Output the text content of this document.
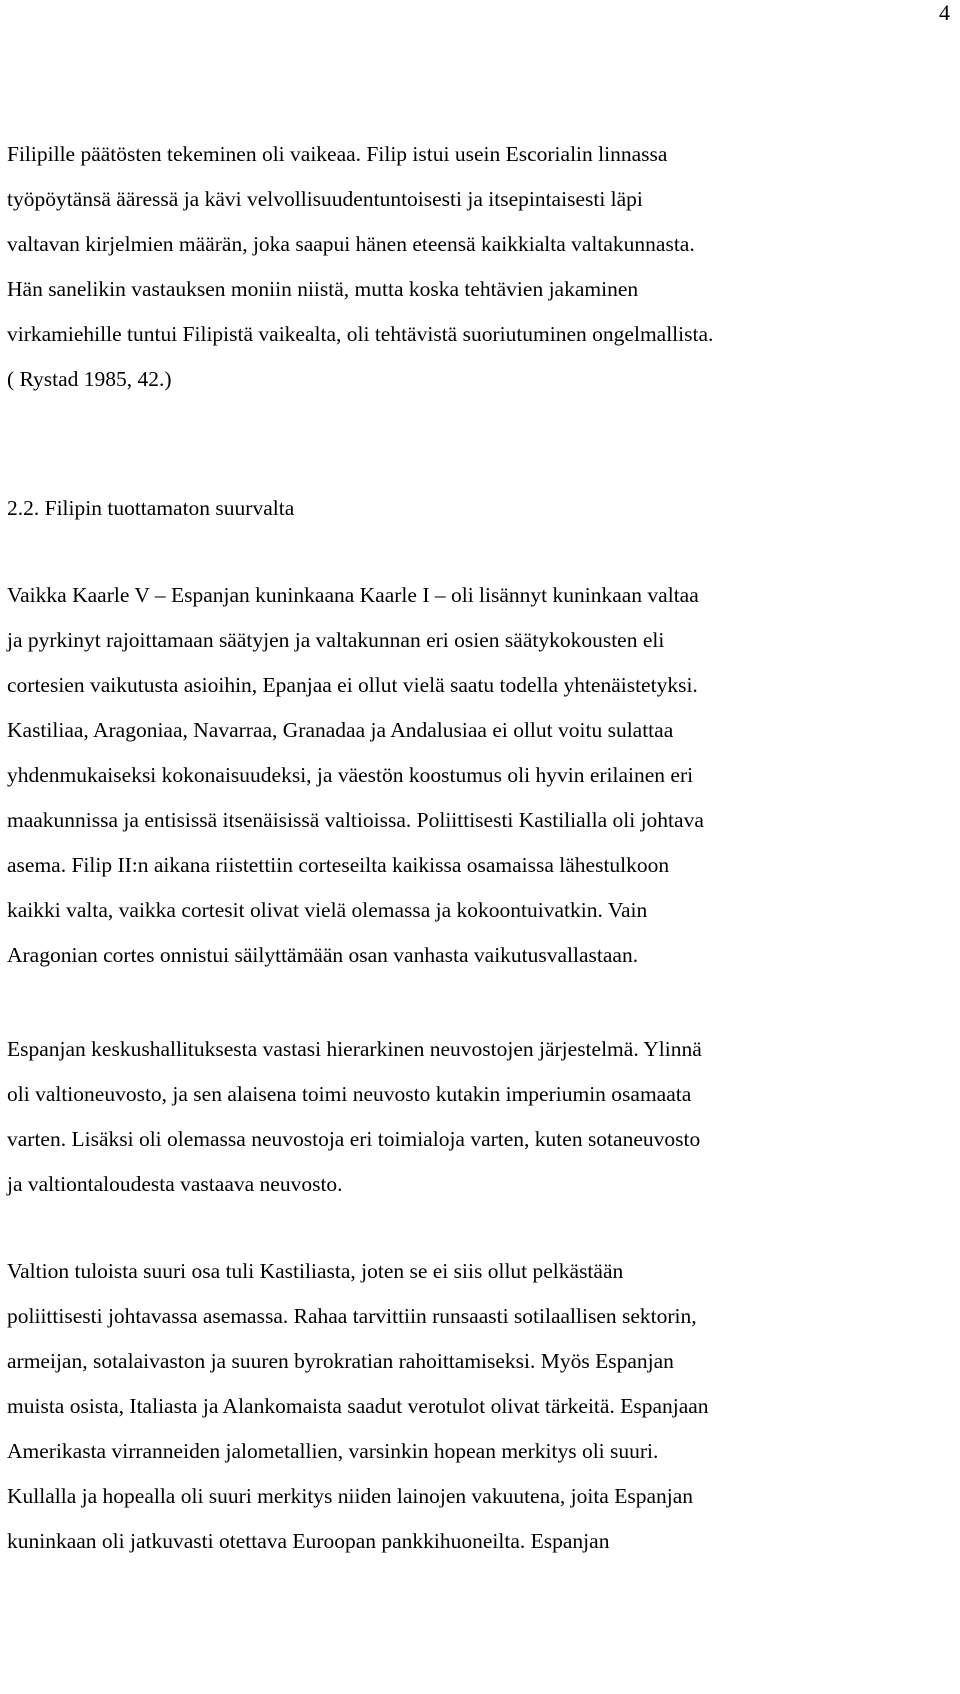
4

Filipille päätösten tekeminen oli vaikeaa. Filip istui usein Escorialin linnassa
työpöytänsä ääressä ja kävi velvollisuudentuntoisesti ja itsepintaisesti läpi
valtavan kirjelmien määrän, joka saapui hänen eteensä kaikkialta valtakunnasta.
Hän sanelikin vastauksen moniin niistä, mutta koska tehtävien jakaminen
virkamiehille tuntui Filipistä vaikealta, oli tehtävistä suoriutuminen ongelmallista.
( Rystad 1985, 42.)

2.2. Filipin tuottamaton suurvalta

Vaikka Kaarle V – Espanjan kuninkaana Kaarle I – oli lisännyt kuninkaan valtaa
ja pyrkinyt rajoittamaan säätyjen ja valtakunnan eri osien säätykokousten eli
cortesien vaikutusta asioihin, Epanjaa ei ollut vielä saatu todella yhtenäistetyksi.
Kastiliaa, Aragoniaa, Navarraa, Granadaa ja Andalusiaa ei ollut voitu sulattaa
yhdenmukaiseksi kokonaisuudeksi, ja väestön koostumus oli hyvin erilainen eri
maakunnissa ja entisissä itsenäisissä valtioissa. Poliittisesti Kastilialla oli johtava
asema. Filip II:n aikana riistettiin corteseilta kaikissa osamaissa lähestulkoon
kaikki valta, vaikka cortesit olivat vielä olemassa ja kokoontuivatkin. Vain
Aragonian cortes onnistui säilyttämään osan vanhasta vaikutusvallastaan.

Espanjan keskushallituksesta vastasi hierarkinen neuvostojen järjestelmä. Ylinnä
oli valtioneuvosto, ja sen alaisena toimi neuvosto kutakin imperiumin osamaata
varten. Lisäksi oli olemassa neuvostoja eri toimialoja varten, kuten sotaneuvosto
ja valtiontaloudesta vastaava neuvosto.

Valtion tuloista suuri osa tuli Kastiliasta, joten se ei siis ollut pelkästään
poliittisesti johtavassa asemassa. Rahaa tarvittiin runsaasti sotilaallisen sektorin,
armeijan, sotalaivaston ja suuren byrokratian rahoittamiseksi. Myös Espanjan
muista osista, Italiasta ja Alankomaista saadut verotulot olivat tärkeitä. Espanjaan
Amerikasta virranneiden jalometallien, varsinkin hopean merkitys oli suuri.
Kullalla ja hopealla oli suuri merkitys niiden lainojen vakuutena, joita Espanjan
kuninkaan oli jatkuvasti otettava Euroopan pankkihuoneilta. Espanjan
